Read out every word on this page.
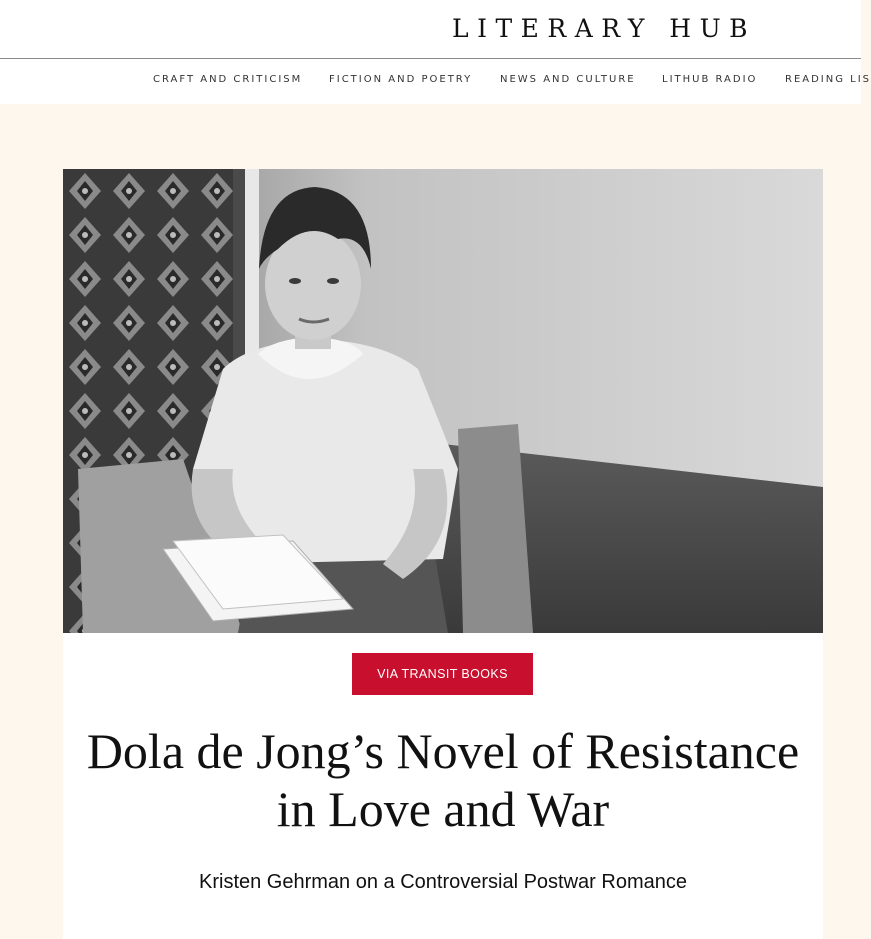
LITERARY HUB
CRAFT AND CRITICISM	FICTION AND POETRY	NEWS AND CULTURE	LITHUB RADIO	READING LIS
VIA TRANSIT BOOKS
Dola de Jong’s Novel of Resistance in Love and War

Kristen Gehrman on a Controversial Postwar Romance
